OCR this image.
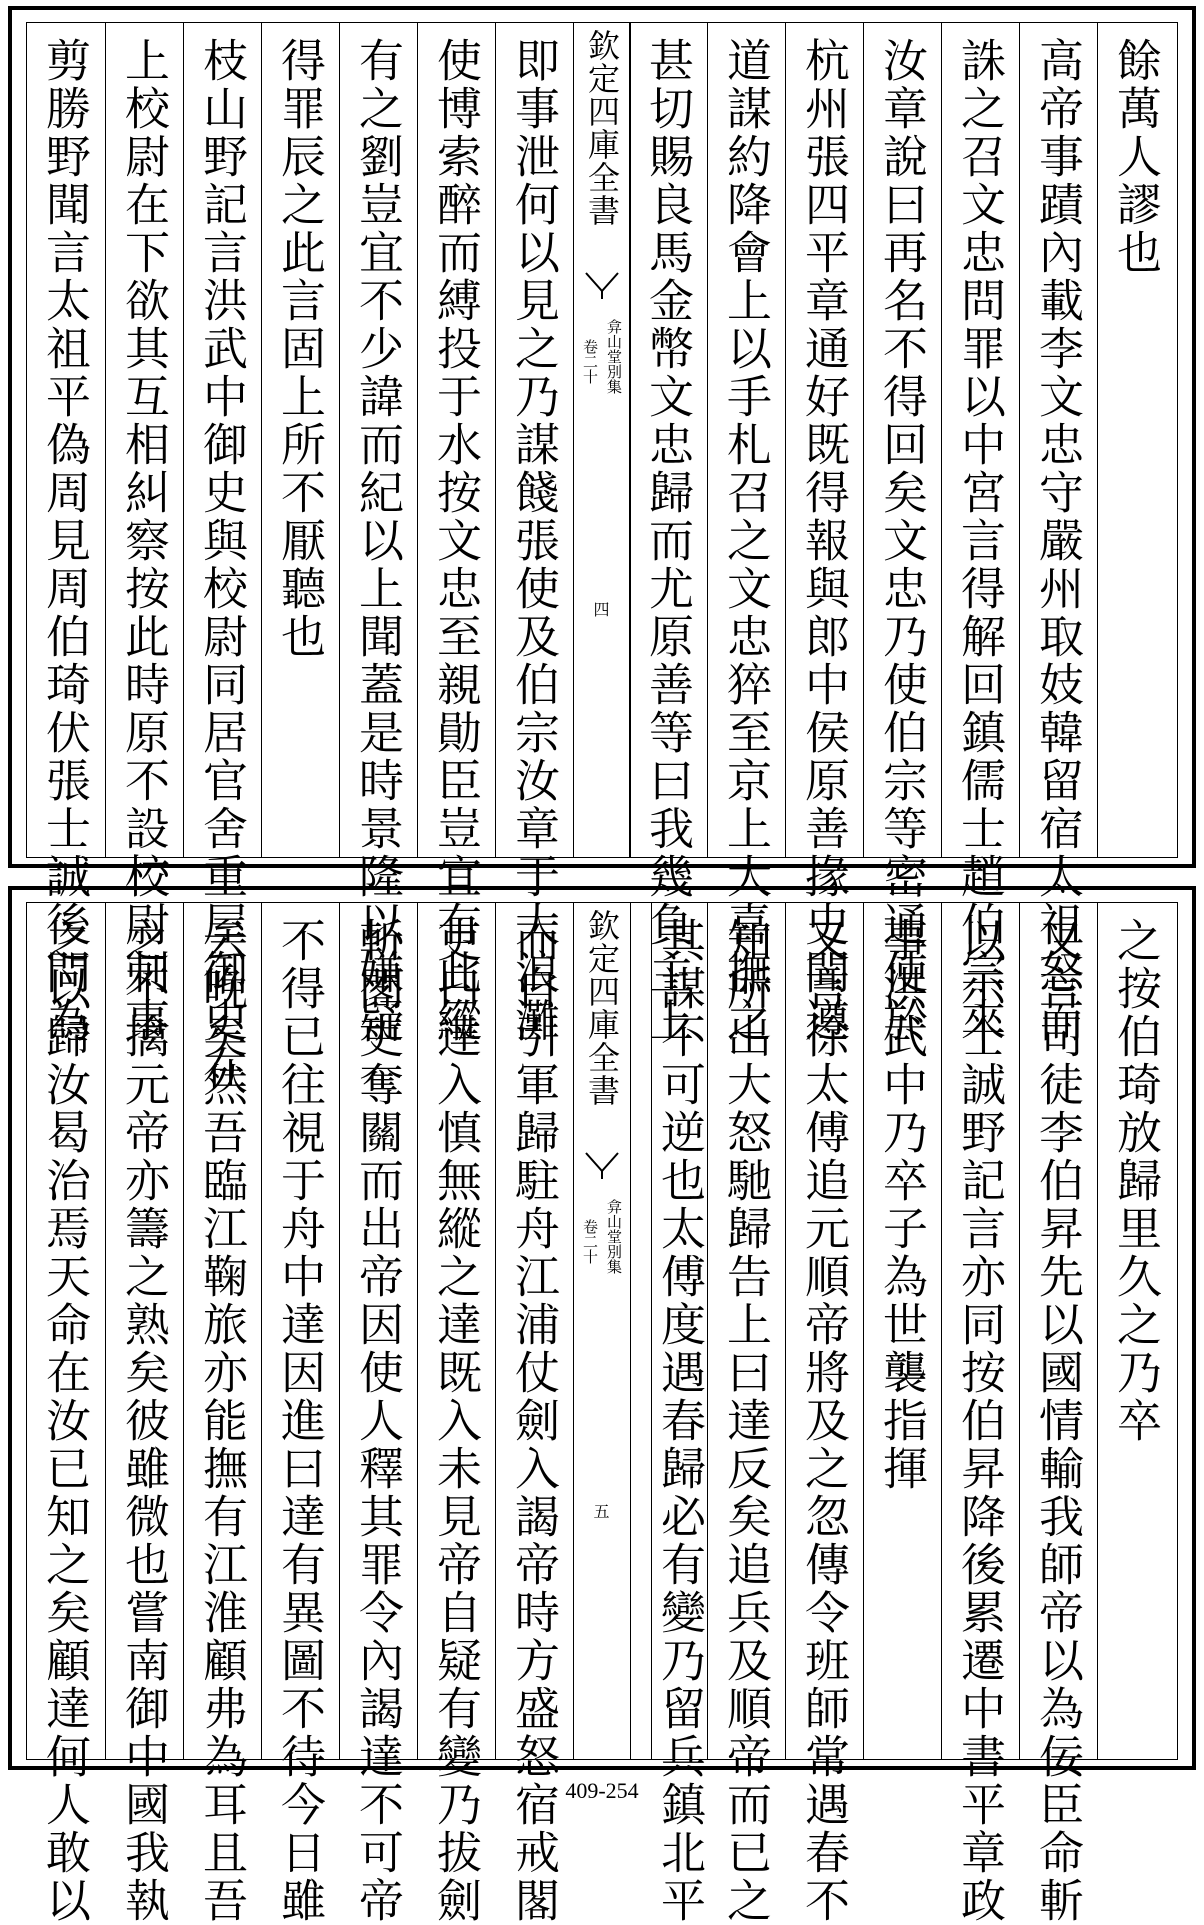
餘萬人謬也
高帝事蹟內載李文忠守嚴州取妓韓留宿太祖怒而
誅之召文忠問罪以中宮言得解回鎮儒士趙伯宗來
汝章說曰再名不得回矣文忠乃使伯宗等密通使於
杭州張四平章通好既得報與郎中侯原善掾史聞遵
道謀約降會上以手札召之文忠猝至京上大喜撫之
甚切賜良馬金幣文忠歸而尤原善等曰我幾負主上
欽定四庫全書
弇山堂別集
卷二十
四
即事泄何以見之乃謀餞張使及伯宗汝章于大浪灘
使博索醉而縛投于水按文忠至親勛臣豈宜有此縱
有之劉豈宜不少諱而紀以上聞蓋是時景隆以嫌疑
得罪辰之此言固上所不厭聽也
枝山野記言洪武中御史與校尉同居官舍重屋御史在
上校尉在下欲其互相糾察按此時原不設校尉刺事
剪勝野聞言太祖平偽周見周伯琦伏張士誠後問為
之按伯琦放歸里久之乃卒
又言司徒李伯昇先以國情輸我師帝以為佞臣命斬
以示士誠野記言亦同按伯昇降後累遷中書平章政
事洪武中乃卒子為世襲指揮
又言徐太傅追元順帝將及之忽傳令班師常遇春不
知所出大怒馳歸告上曰達反矣追兵及順帝而已之
其謀不可逆也太傅度遇春歸必有變乃留兵鎮北平
欽定四庫全書
弇山堂別集
卷二十
五
而自引軍歸駐舟江浦仗劍入謁帝時方盛怒宿戒閣
吏曰達入慎無縱之達既入未見帝自疑有變乃拔劍
斬閣吏奪關而出帝因使人釋其罪令內謁達不可帝
不得已往視于舟中達因進曰達有異圖不待今日雖
云晚矣然吾臨江鞠旅亦能撫有江淮顧弗為耳且吾
之不擒元帝亦籌之熟矣彼雖微也嘗南御中國我執
之以歸汝曷治焉天命在汝已知之矣顧達何人敢以	409-254
